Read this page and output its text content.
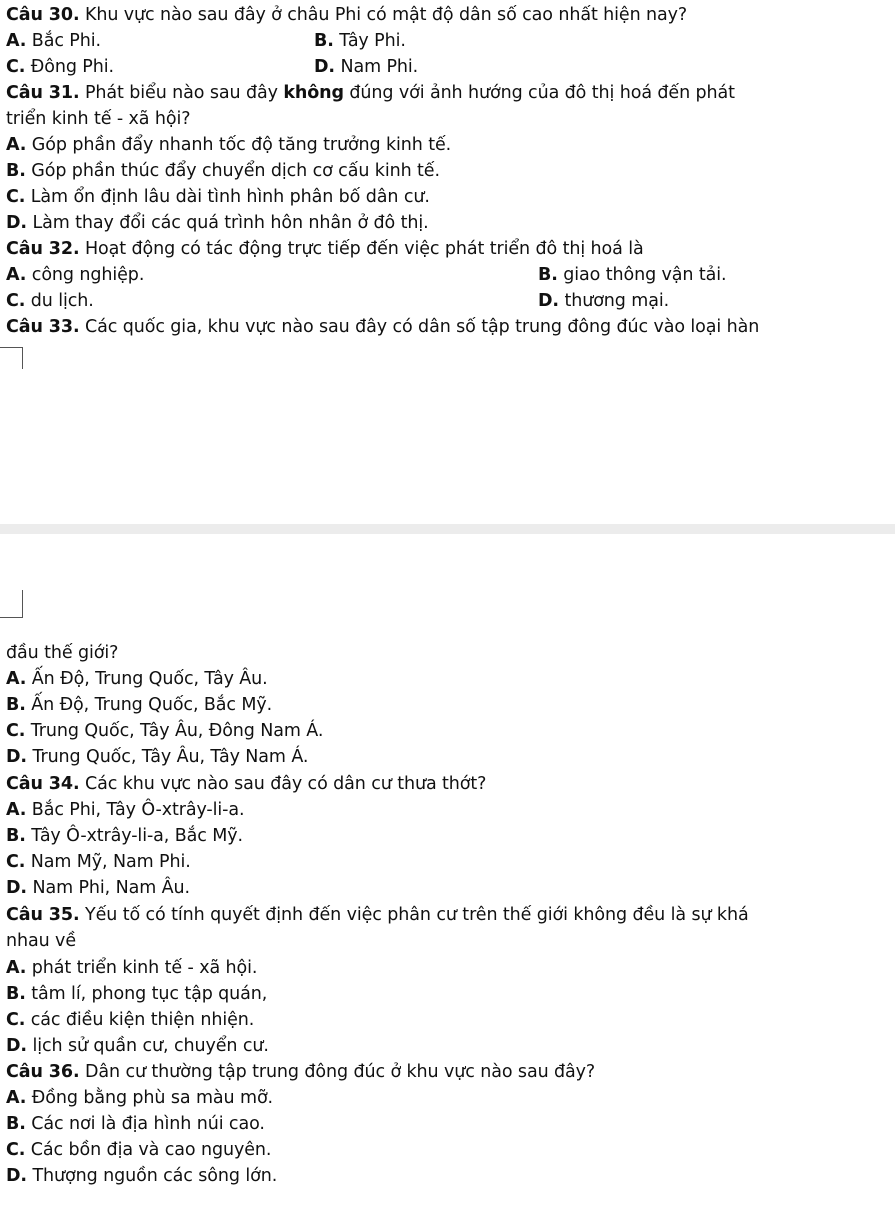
Câu 30. Khu vực nào sau đây ở châu Phi có mật độ dân số cao nhất hiện nay?
A. Bắc Phi.	B. Tây Phi.
C. Đông Phi.	D. Nam Phi.
Câu 31. Phát biểu nào sau đây không đúng với ảnh hướng của đô thị hoá đến phát
triển kinh tế - xã hội?
A. Góp phần đẩy nhanh tốc độ tăng trưởng kinh tế.
B. Góp phần thúc đẩy chuyển dịch cơ cấu kinh tế.
C. Làm ổn định lâu dài tình hình phân bố dân cư.
D. Làm thay đổi các quá trình hôn nhân ở đô thị.
Câu 32. Hoạt động có tác động trực tiếp đến việc phát triển đô thị hoá là
A. công nghiệp.	B. giao thông vận tải.
C. du lịch.	D. thương mại.
Câu 33. Các quốc gia, khu vực nào sau đây có dân số tập trung đông đúc vào loại hàn
đầu thế giới?
A. Ấn Độ, Trung Quốc, Tây Âu.
B. Ấn Độ, Trung Quốc, Bắc Mỹ.
C. Trung Quốc, Tây Âu, Đông Nam Á.
D. Trung Quốc, Tây Âu, Tây Nam Á.
Câu 34. Các khu vực nào sau đây có dân cư thưa thớt?
A. Bắc Phi, Tây Ô-xtrây-li-a.
B. Tây Ô-xtrây-li-a, Bắc Mỹ.
C. Nam Mỹ, Nam Phi.
D. Nam Phi, Nam Âu.
Câu 35. Yếu tố có tính quyết định đến việc phân cư trên thế giới không đều là sự khá
nhau về
A. phát triển kinh tế - xã hội.
B. tâm lí, phong tục tập quán,
C. các điều kiện thiện nhiện.
D. lịch sử quần cư, chuyển cư.
Câu 36. Dân cư thường tập trung đông đúc ở khu vực nào sau đây?
A. Đồng bằng phù sa màu mỡ.
B. Các nơi là địa hình núi cao.
C. Các bồn địa và cao nguyên.
D. Thượng nguồn các sông lớn.
